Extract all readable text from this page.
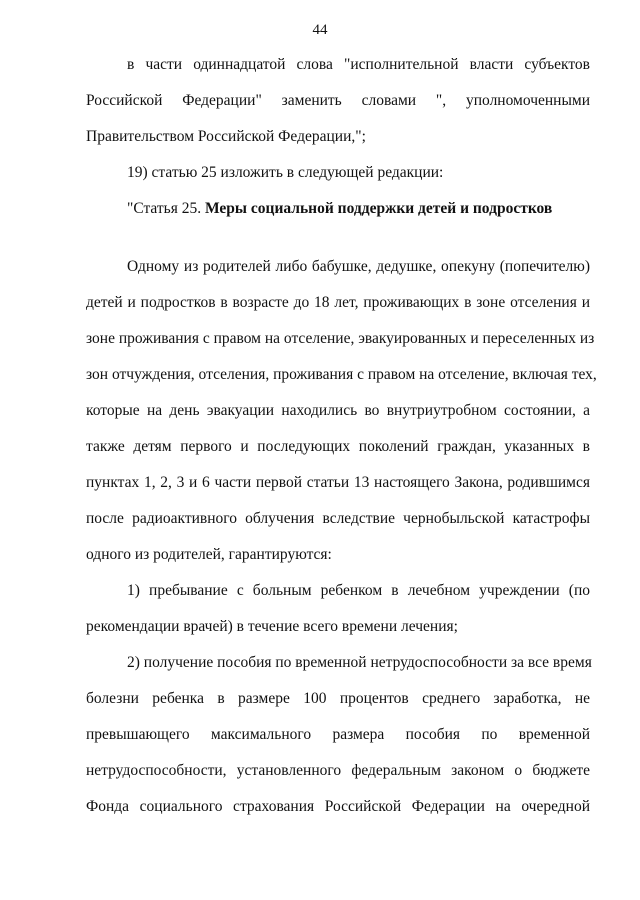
44
в части одиннадцатой слова "исполнительной власти субъектов
Российской Федерации" заменить словами ", уполномоченными
Правительством Российской Федерации,";
19) статью 25 изложить в следующей редакции:
"Статья 25. Меры социальной поддержки детей и подростков
Одному из родителей либо бабушке, дедушке, опекуну (попечителю)
детей и подростков в возрасте до 18 лет, проживающих в зоне отселения и
зоне проживания с правом на отселение, эвакуированных и переселенных из
зон отчуждения, отселения, проживания с правом на отселение, включая тех,
которые на день эвакуации находились во внутриутробном состоянии, а
также детям первого и последующих поколений граждан, указанных в
пунктах 1, 2, 3 и 6 части первой статьи 13 настоящего Закона, родившимся
после радиоактивного облучения вследствие чернобыльской катастрофы
одного из родителей, гарантируются:
1) пребывание с больным ребенком в лечебном учреждении (по
рекомендации врачей) в течение всего времени лечения;
2) получение пособия по временной нетрудоспособности за все время
болезни ребенка в размере 100 процентов среднего заработка, не
превышающего максимального размера пособия по временной
нетрудоспособности, установленного федеральным законом о бюджете
Фонда социального страхования Российской Федерации на очередной
